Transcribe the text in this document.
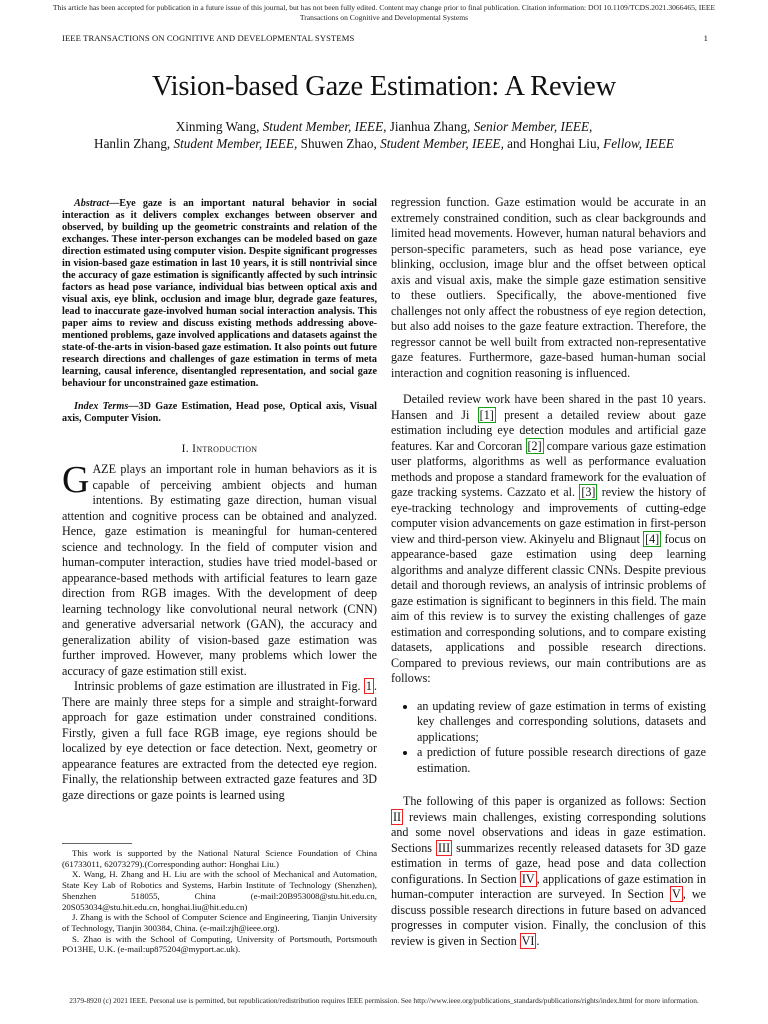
This article has been accepted for publication in a future issue of this journal, but has not been fully edited. Content may change prior to final publication. Citation information: DOI 10.1109/TCDS.2021.3066465, IEEE
Transactions on Cognitive and Developmental Systems
IEEE TRANSACTIONS ON COGNITIVE AND DEVELOPMENTAL SYSTEMS	1
Vision-based Gaze Estimation: A Review
Xinming Wang, Student Member, IEEE, Jianhua Zhang, Senior Member, IEEE,
Hanlin Zhang, Student Member, IEEE, Shuwen Zhao, Student Member, IEEE, and Honghai Liu, Fellow, IEEE

Abstract—Eye gaze is an important natural behavior in social interaction as it delivers complex exchanges between observer and observed, by building up the geometric constraints and relation of the exchanges. These inter-person exchanges can be modeled based on gaze direction estimated using computer vision. Despite significant progresses in vision-based gaze estimation in last 10 years, it is still nontrivial since the accuracy of gaze estimation is significantly affected by such intrinsic factors as head pose variance, individual bias between optical axis and visual axis, eye blink, occlusion and image blur, degrade gaze features, lead to inaccurate gaze-involved human social interaction analysis. This paper aims to review and discuss existing methods addressing above-mentioned problems, gaze involved applications and datasets against the state-of-the-arts in vision-based gaze estimation. It also points out future research directions and challenges of gaze estimation in terms of meta learning, causal inference, disentangled representation, and social gaze behaviour for unconstrained gaze estimation.

Index Terms—3D Gaze Estimation, Head pose, Optical axis, Visual axis, Computer Vision.

I. Introduction

GAZE plays an important role in human behaviors as it is capable of perceiving ambient objects and human intentions. By estimating gaze direction, human visual attention and cognitive process can be obtained and analyzed. Hence, gaze estimation is meaningful for human-centered science and technology. In the field of computer vision and human-computer interaction, studies have tried model-based or appearance-based methods with artificial features to learn gaze direction from RGB images. With the development of deep learning technology like convolutional neural network (CNN) and generative adversarial network (GAN), the accuracy and generalization ability of vision-based gaze estimation was further improved. However, many problems which lower the accuracy of gaze estimation still exist.

Intrinsic problems of gaze estimation are illustrated in Fig. 1 . There are mainly three steps for a simple and straight-forward approach for gaze estimation under constrained conditions. Firstly, given a full face RGB image, eye regions should be localized by eye detection or face detection. Next, geometry or appearance features are extracted from the detected eye region. Finally, the relationship between extracted gaze features and 3D gaze directions or gaze points is learned using

This work is supported by the National Natural Science Foundation of China (61733011, 62073279).(Corresponding author: Honghai Liu.)

X. Wang, H. Zhang and H. Liu are with the school of Mechanical and Automation, State Key Lab of Robotics and Systems, Harbin Institute of Technology (Shenzhen), Shenzhen 518055, China (e-mail:20B953008@stu.hit.edu.cn, 20S053034@stu.hit.edu.cn, honghai.liu@hit.edu.cn)

J. Zhang is with the School of Computer Science and Engineering, Tianjin University of Technology, Tianjin 300384, China. (e-mail:zjh@ieee.org).

S. Zhao is with the School of Computing, University of Portsmouth, Portsmouth PO13HE, U.K. (e-mail:up875204@myport.ac.uk).

regression function. Gaze estimation would be accurate in an extremely constrained condition, such as clear backgrounds and limited head movements. However, human natural behaviors and person-specific parameters, such as head pose variance, eye blinking, occlusion, image blur and the offset between optical axis and visual axis, make the simple gaze estimation sensitive to these outliers. Specifically, the above-mentioned five challenges not only affect the robustness of eye region detection, but also add noises to the gaze feature extraction. Therefore, the regressor cannot be well built from extracted non-representative gaze features. Furthermore, gaze-based human-human social interaction and cognition reasoning is influenced.

Detailed review work have been shared in the past 10 years. Hansen and Ji [1] present a detailed review about gaze estimation including eye detection modules and artificial gaze features. Kar and Corcoran [2] compare various gaze estimation user platforms, algorithms as well as performance evaluation methods and propose a standard framework for the evaluation of gaze tracking systems. Cazzato et al. [3] review the history of eye-tracking technology and improvements of cutting-edge computer vision advancements on gaze estimation in first-person view and third-person view. Akinyelu and Blignaut [4] focus on appearance-based gaze estimation using deep learning algorithms and analyze different classic CNNs. Despite previous detail and thorough reviews, an analysis of intrinsic problems of gaze estimation is significant to beginners in this field. The main aim of this review is to survey the existing challenges of gaze estimation and corresponding solutions, and to compare existing datasets, applications and possible research directions. Compared to previous reviews, our main contributions are as follows:

• an updating review of gaze estimation in terms of existing key challenges and corresponding solutions, datasets and applications;
• a prediction of future possible research directions of gaze estimation.

The following of this paper is organized as follows: Section II reviews main challenges, existing corresponding solutions and some novel observations and ideas in gaze estimation. Sections III summarizes recently released datasets for 3D gaze estimation in terms of gaze, head pose and data collection configurations. In Section IV , applications of gaze estimation in human-computer interaction are surveyed. In Section V , we discuss possible research directions in future based on advanced progresses in computer vision. Finally, the conclusion of this review is given in Section VI .

2379-8920 (c) 2021 IEEE. Personal use is permitted, but republication/redistribution requires IEEE permission. See http://www.ieee.org/publications_standards/publications/rights/index.html for more information.
